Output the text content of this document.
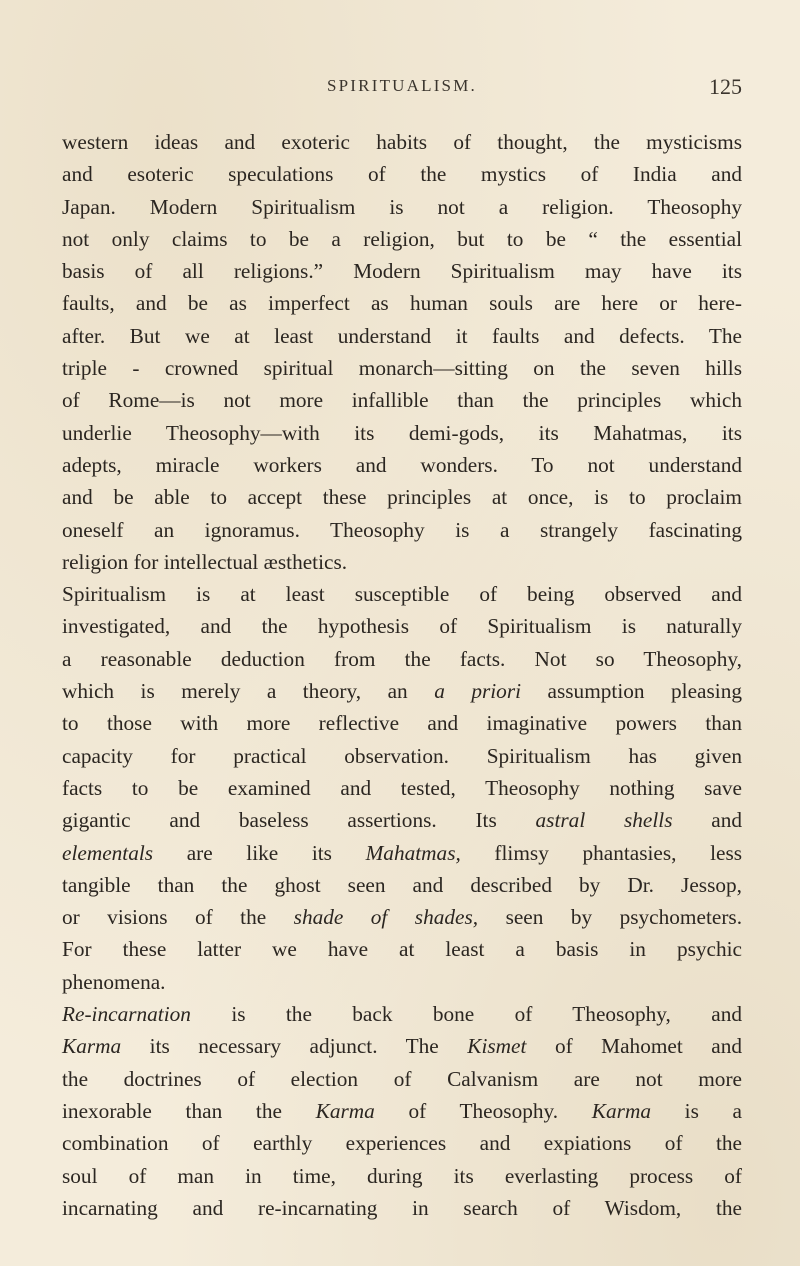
SPIRITUALISM.	125
western ideas and exoteric habits of thought, the mysticisms
and esoteric speculations of the mystics of India and
Japan. Modern Spiritualism is not a religion. Theosophy
not only claims to be a religion, but to be “ the essential
basis of all religions.” Modern Spiritualism may have its
faults, and be as imperfect as human souls are here or here-
after. But we at least understand it faults and defects. The
triple - crowned spiritual monarch—sitting on the seven hills
of Rome—is not more infallible than the principles which
underlie Theosophy—with its demi-gods, its Mahatmas, its
adepts, miracle workers and wonders. To not understand
and be able to accept these principles at once, is to proclaim
oneself an ignoramus. Theosophy is a strangely fascinating
religion for intellectual æsthetics.
Spiritualism is at least susceptible of being observed and
investigated, and the hypothesis of Spiritualism is naturally
a reasonable deduction from the facts. Not so Theosophy,
which is merely a theory, an a priori assumption pleasing
to those with more reflective and imaginative powers than
capacity for practical observation. Spiritualism has given
facts to be examined and tested, Theosophy nothing save
gigantic and baseless assertions. Its astral shells and
elementals are like its Mahatmas, flimsy phantasies, less
tangible than the ghost seen and described by Dr. Jessop,
or visions of the shade of shades, seen by psychometers.
For these latter we have at least a basis in psychic
phenomena.
Re-incarnation is the back bone of Theosophy, and
Karma its necessary adjunct. The Kismet of Mahomet and
the doctrines of election of Calvanism are not more
inexorable than the Karma of Theosophy. Karma is a
combination of earthly experiences and expiations of the
soul of man in time, during its everlasting process of
incarnating and re-incarnating in search of Wisdom, the
